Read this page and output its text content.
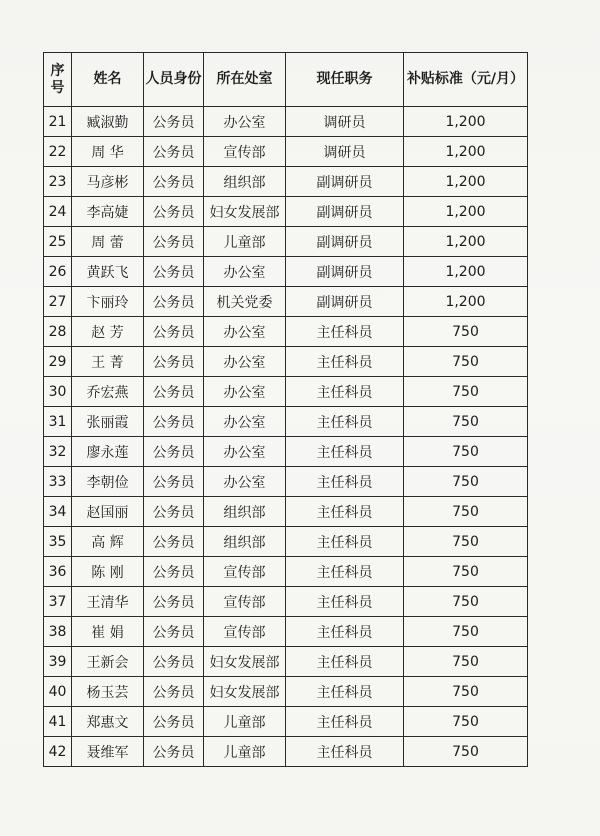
序号	姓名	人员身份	所在处室	现任职务	补贴标准（元/月）
21	臧淑勤	公务员	办公室	调研员	1,200
22	周 华	公务员	宣传部	调研员	1,200
23	马彦彬	公务员	组织部	副调研员	1,200
24	李高婕	公务员	妇女发展部	副调研员	1,200
25	周 蕾	公务员	儿童部	副调研员	1,200
26	黄跃飞	公务员	办公室	副调研员	1,200
27	卞丽玲	公务员	机关党委	副调研员	1,200
28	赵 芳	公务员	办公室	主任科员	750
29	王 菁	公务员	办公室	主任科员	750
30	乔宏燕	公务员	办公室	主任科员	750
31	张丽霞	公务员	办公室	主任科员	750
32	廖永莲	公务员	办公室	主任科员	750
33	李朝俭	公务员	办公室	主任科员	750
34	赵国丽	公务员	组织部	主任科员	750
35	高 辉	公务员	组织部	主任科员	750
36	陈 刚	公务员	宣传部	主任科员	750
37	王清华	公务员	宣传部	主任科员	750
38	崔 娟	公务员	宣传部	主任科员	750
39	王新会	公务员	妇女发展部	主任科员	750
40	杨玉芸	公务员	妇女发展部	主任科员	750
41	郑惠文	公务员	儿童部	主任科员	750
42	聂维军	公务员	儿童部	主任科员	750
